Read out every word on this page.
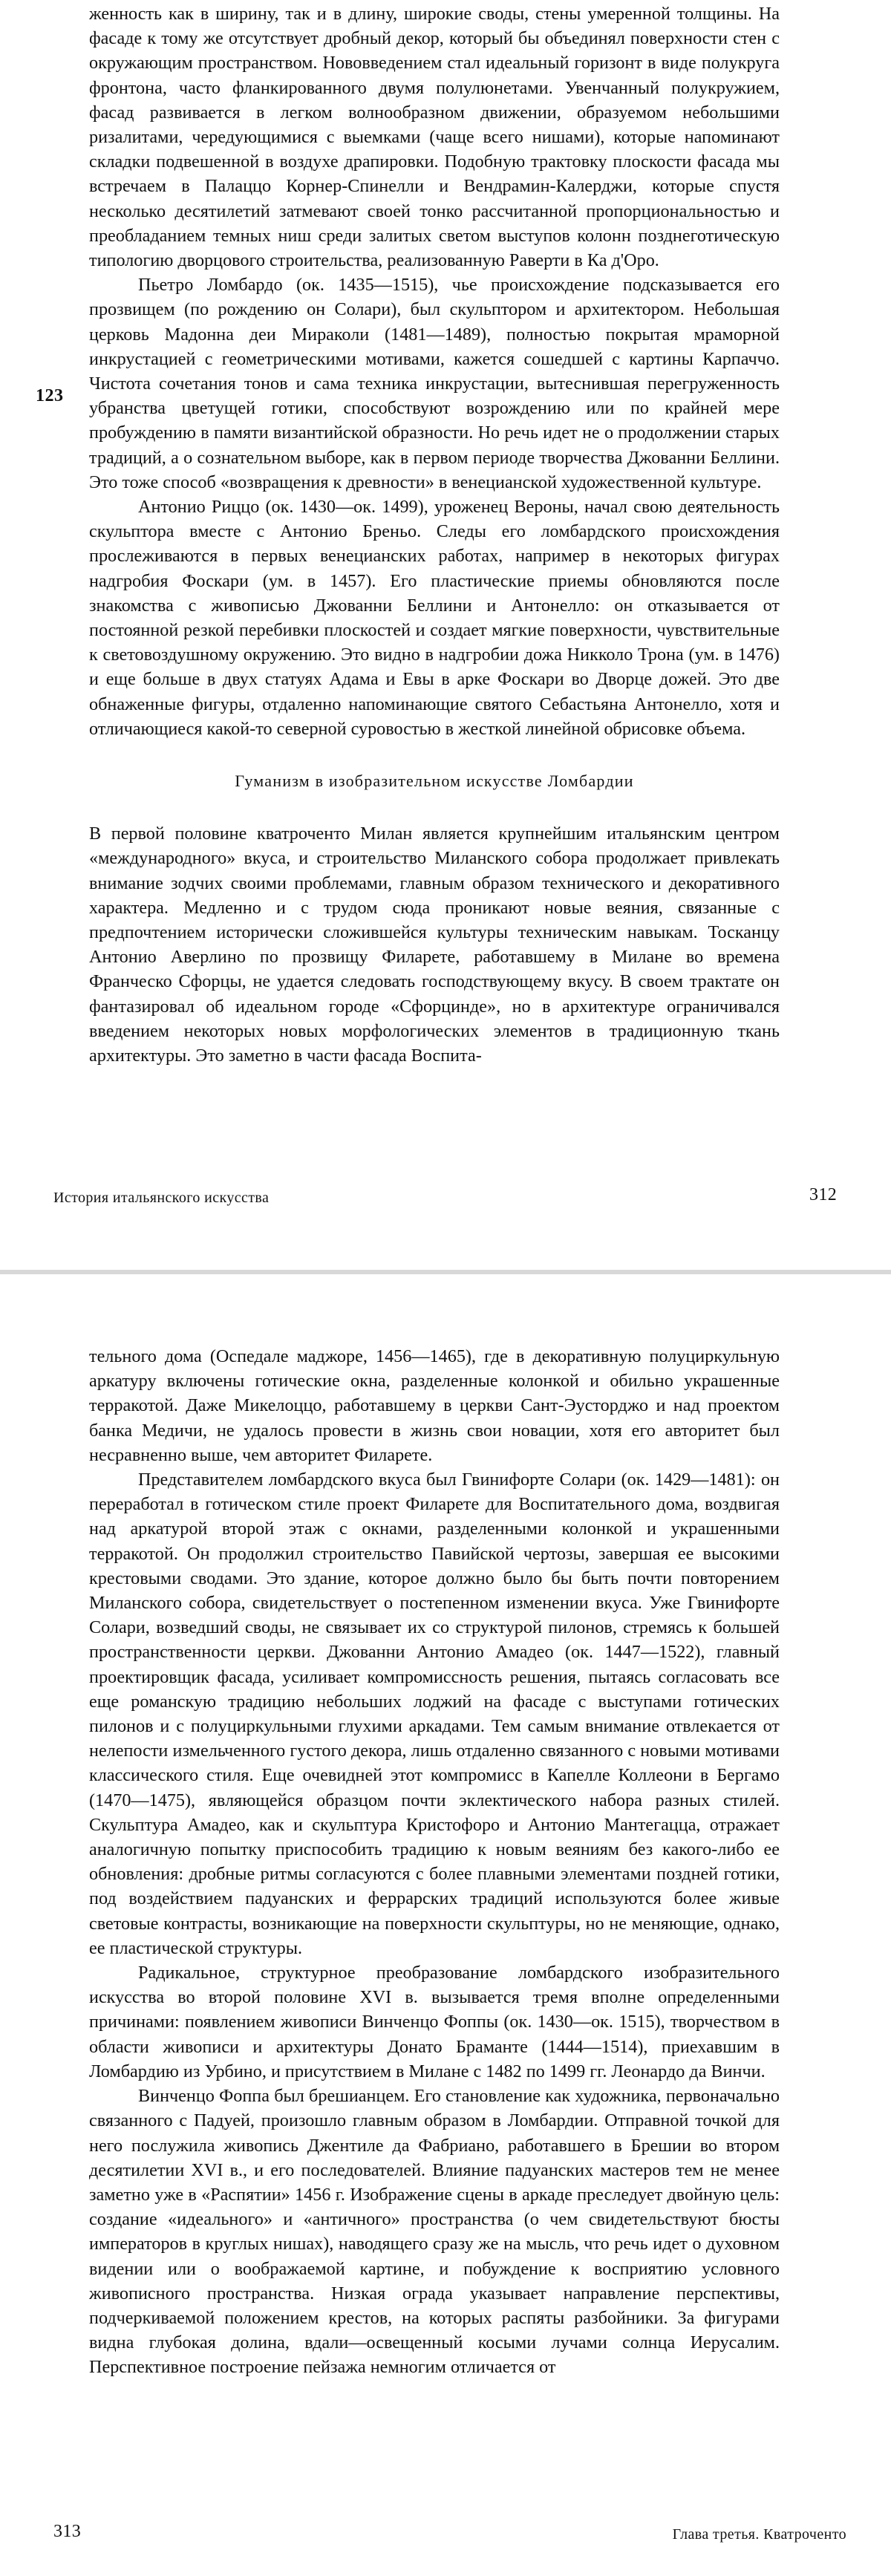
123

женность как в ширину, так и в длину, широкие своды, стены умеренной толщины. На фасаде к тому же отсутствует дробный декор, который бы объединял поверхности стен с окружающим пространством. Нововведением стал идеальный горизонт в виде полукруга фронтона, часто фланкированного двумя полулюнетами. Увенчанный полукружием, фасад развивается в легком волнообразном движении, образуемом небольшими ризалитами, чередующимися с выемками (чаще всего нишами), которые напоминают складки подвешенной в воздухе драпировки. Подобную трактовку плоскости фасада мы встречаем в Палаццо Корнер-Спинелли и Вендрамин-Калерджи, которые спустя несколько десятилетий затмевают своей тонко рассчитанной пропорциональностью и преобладанием темных ниш среди залитых светом выступов колонн позднеготическую типологию дворцового строительства, реализованную Раверти в Ка д'Оро.

Пьетро Ломбардо (ок. 1435—1515), чье происхождение подсказывается его прозвищем (по рождению он Солари), был скульптором и архитектором. Небольшая церковь Мадонна деи Мираколи (1481—1489), полностью покрытая мраморной инкрустацией с геометрическими мотивами, кажется сошедшей с картины Карпаччо. Чистота сочетания тонов и сама техника инкрустации, вытеснившая перегруженность убранства цветущей готики, способствуют возрождению или по крайней мере пробуждению в памяти византийской образности. Но речь идет не о продолжении старых традиций, а о сознательном выборе, как в первом периоде творчества Джованни Беллини. Это тоже способ «возвращения к древности» в венецианской художественной культуре.

Антонио Риццо (ок. 1430—ок. 1499), уроженец Вероны, начал свою деятельность скульптора вместе с Антонио Бреньо. Следы его ломбардского происхождения прослеживаются в первых венецианских работах, например в некоторых фигурах надгробия Фоскари (ум. в 1457). Его пластические приемы обновляются после знакомства с живописью Джованни Беллини и Антонелло: он отказывается от постоянной резкой перебивки плоскостей и создает мягкие поверхности, чувствительные к световоздушному окружению. Это видно в надгробии дожа Никколо Трона (ум. в 1476) и еще больше в двух статуях Адама и Евы в арке Фоскари во Дворце дожей. Это две обнаженные фигуры, отдаленно напоминающие святого Себастьяна Антонелло, хотя и отличающиеся какой-то северной суровостью в жесткой линейной обрисовке объема.

Гуманизм в изобразительном искусстве Ломбардии

В первой половине кватроченто Милан является крупнейшим итальянским центром «международного» вкуса, и строительство Миланского собора продолжает привлекать внимание зодчих своими проблемами, главным образом технического и декоративного характера. Медленно и с трудом сюда проникают новые веяния, связанные с предпочтением исторически сложившейся культуры техническим навыкам. Тосканцу Антонио Аверлино по прозвищу Филарете, работавшему в Милане во времена Франческо Сфорцы, не удается следовать господствующему вкусу. В своем трактате он фантазировал об идеальном городе «Сфорцинде», но в архитектуре ограничивался введением некоторых новых морфологических элементов в традиционную ткань архитектуры. Это заметно в части фасада Воспита-

История итальянского искусства	312

тельного дома (Оспедале маджоре, 1456—1465), где в декоративную полуциркульную аркатуру включены готические окна, разделенные колонкой и обильно украшенные терракотой. Даже Микелоццо, работавшему в церкви Сант-Эусторджо и над проектом банка Медичи, не удалось провести в жизнь свои новации, хотя его авторитет был несравненно выше, чем авторитет Филарете.

Представителем ломбардского вкуса был Гвинифорте Солари (ок. 1429—1481): он переработал в готическом стиле проект Филарете для Воспитательного дома, воздвигая над аркатурой второй этаж с окнами, разделенными колонкой и украшенными терракотой. Он продолжил строительство Павийской чертозы, завершая ее высокими крестовыми сводами. Это здание, которое должно было бы быть почти повторением Миланского собора, свидетельствует о постепенном изменении вкуса. Уже Гвинифорте Солари, возведший своды, не связывает их со структурой пилонов, стремясь к большей пространственности церкви. Джованни Антонио Амадео (ок. 1447—1522), главный проектировщик фасада, усиливает компромиссность решения, пытаясь согласовать все еще романскую традицию небольших лоджий на фасаде с выступами готических пилонов и с полуциркульными глухими аркадами. Тем самым внимание отвлекается от нелепости измельченного густого декора, лишь отдаленно связанного с новыми мотивами классического стиля. Еще очевидней этот компромисс в Капелле Коллеони в Бергамо (1470—1475), являющейся образцом почти эклектического набора разных стилей. Скульптура Амадео, как и скульптура Кристофоро и Антонио Мантегацца, отражает аналогичную попытку приспособить традицию к новым веяниям без какого-либо ее обновления: дробные ритмы согласуются с более плавными элементами поздней готики, под воздействием падуанских и феррарских традиций используются более живые световые контрасты, возникающие на поверхности скульптуры, но не меняющие, однако, ее пластической структуры.

Радикальное, структурное преобразование ломбардского изобразительного искусства во второй половине XVI в. вызывается тремя вполне определенными причинами: появлением живописи Винченцо Фоппы (ок. 1430—ок. 1515), творчеством в области живописи и архитектуры Донато Браманте (1444—1514), приехавшим в Ломбардию из Урбино, и присутствием в Милане с 1482 по 1499 гг. Леонардо да Винчи.

Винченцо Фоппа был брешианцем. Его становление как художника, первоначально связанного с Падуей, произошло главным образом в Ломбардии. Отправной точкой для него послужила живопись Джентиле да Фабриано, работавшего в Брешии во втором десятилетии XVI в., и его последователей. Влияние падуанских мастеров тем не менее заметно уже в «Распятии» 1456 г. Изображение сцены в аркаде преследует двойную цель: создание «идеального» и «античного» пространства (о чем свидетельствуют бюсты императоров в круглых нишах), наводящего сразу же на мысль, что речь идет о духовном видении или о воображаемой картине, и побуждение к восприятию условного живописного пространства. Низкая ограда указывает направление перспективы, подчеркиваемой положением крестов, на которых распяты разбойники. За фигурами видна глубокая долина, вдали—освещенный косыми лучами солнца Иерусалим. Перспективное построение пейзажа немногим отличается от

313	Глава третья. Кватроченто
